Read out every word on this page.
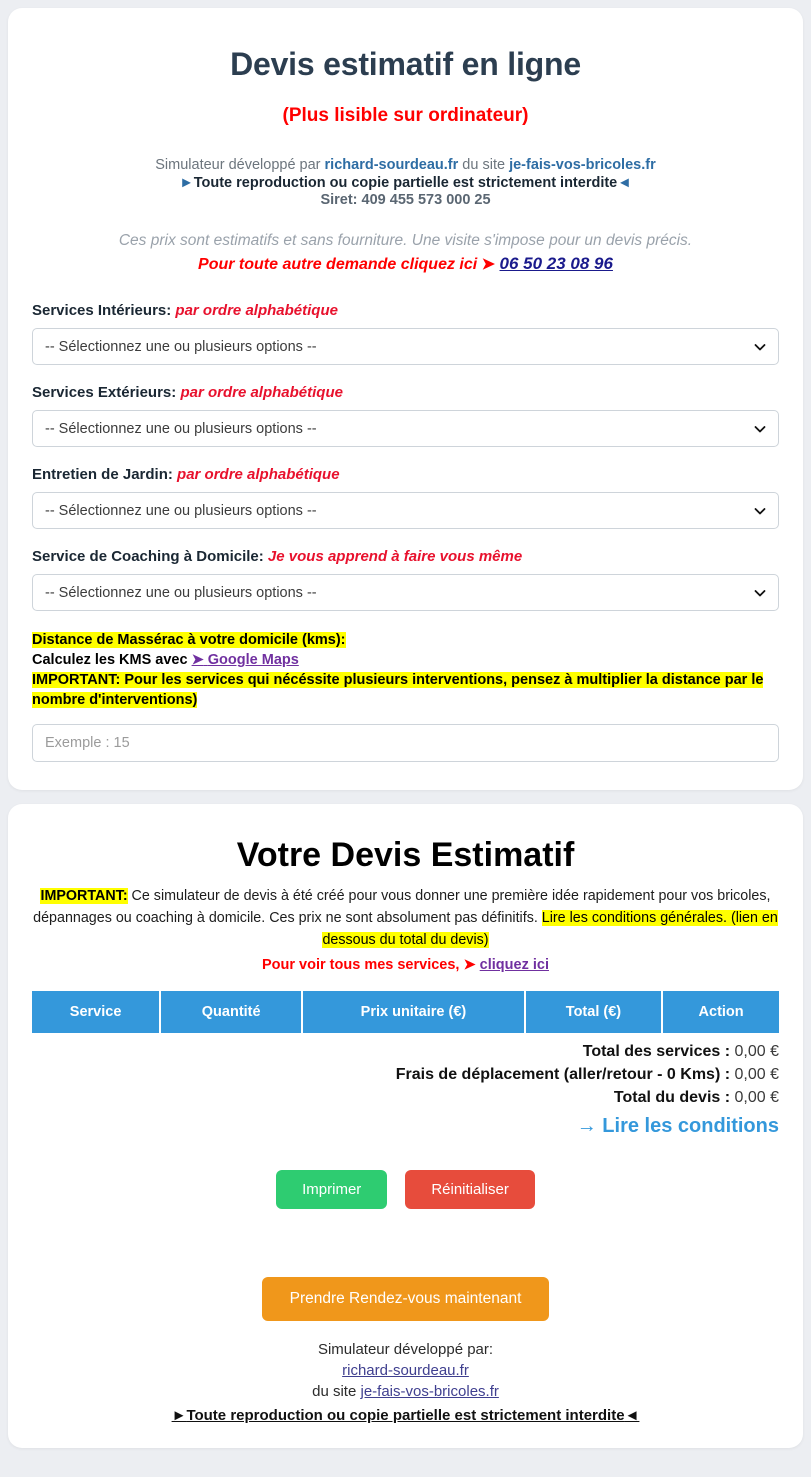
Devis estimatif en ligne
(Plus lisible sur ordinateur)

Simulateur développé par richard-sourdeau.fr du site je-fais-vos-bricoles.fr

►Toute reproduction ou copie partielle est strictement interdite◄

Siret: 409 455 573 000 25

Ces prix sont estimatifs et sans fourniture. Une visite s'impose pour un devis précis.

Pour toute autre demande cliquez ici ➤ 06 50 23 08 96

Services Intérieurs: par ordre alphabétique
-- Sélectionnez une ou plusieurs options --
Services Extérieurs: par ordre alphabétique
-- Sélectionnez une ou plusieurs options --
Entretien de Jardin: par ordre alphabétique
-- Sélectionnez une ou plusieurs options --
Service de Coaching à Domicile: Je vous apprend à faire vous même
-- Sélectionnez une ou plusieurs options --

Distance de Massérac à votre domicile (kms):

Calculez les KMS avec ➤ Google Maps

IMPORTANT: Pour les services qui nécéssite plusieurs interventions, pensez à multiplier la distance par le nombre d'interventions)

Exemple : 15
Votre Devis Estimatif

IMPORTANT: Ce simulateur de devis à été créé pour vous donner une première idée rapidement pour vos bricoles, dépannages ou coaching à domicile. Ces prix ne sont absolument pas définitifs. Lire les conditions générales. (lien en dessous du total du devis)

Pour voir tous mes services, ➤ cliquez ici

Service	Quantité	Prix unitaire (€)	Total (€)	Action
Total des services : 0,00 €
Frais de déplacement (aller/retour - 0 Kms) : 0,00 €
Total du devis : 0,00 €
→ Lire les conditions
Imprimer	Réinitialiser
Prendre Rendez-vous maintenant
Simulateur développé par:
richard-sourdeau.fr
du site je-fais-vos-bricoles.fr
►Toute reproduction ou copie partielle est strictement interdite◄
